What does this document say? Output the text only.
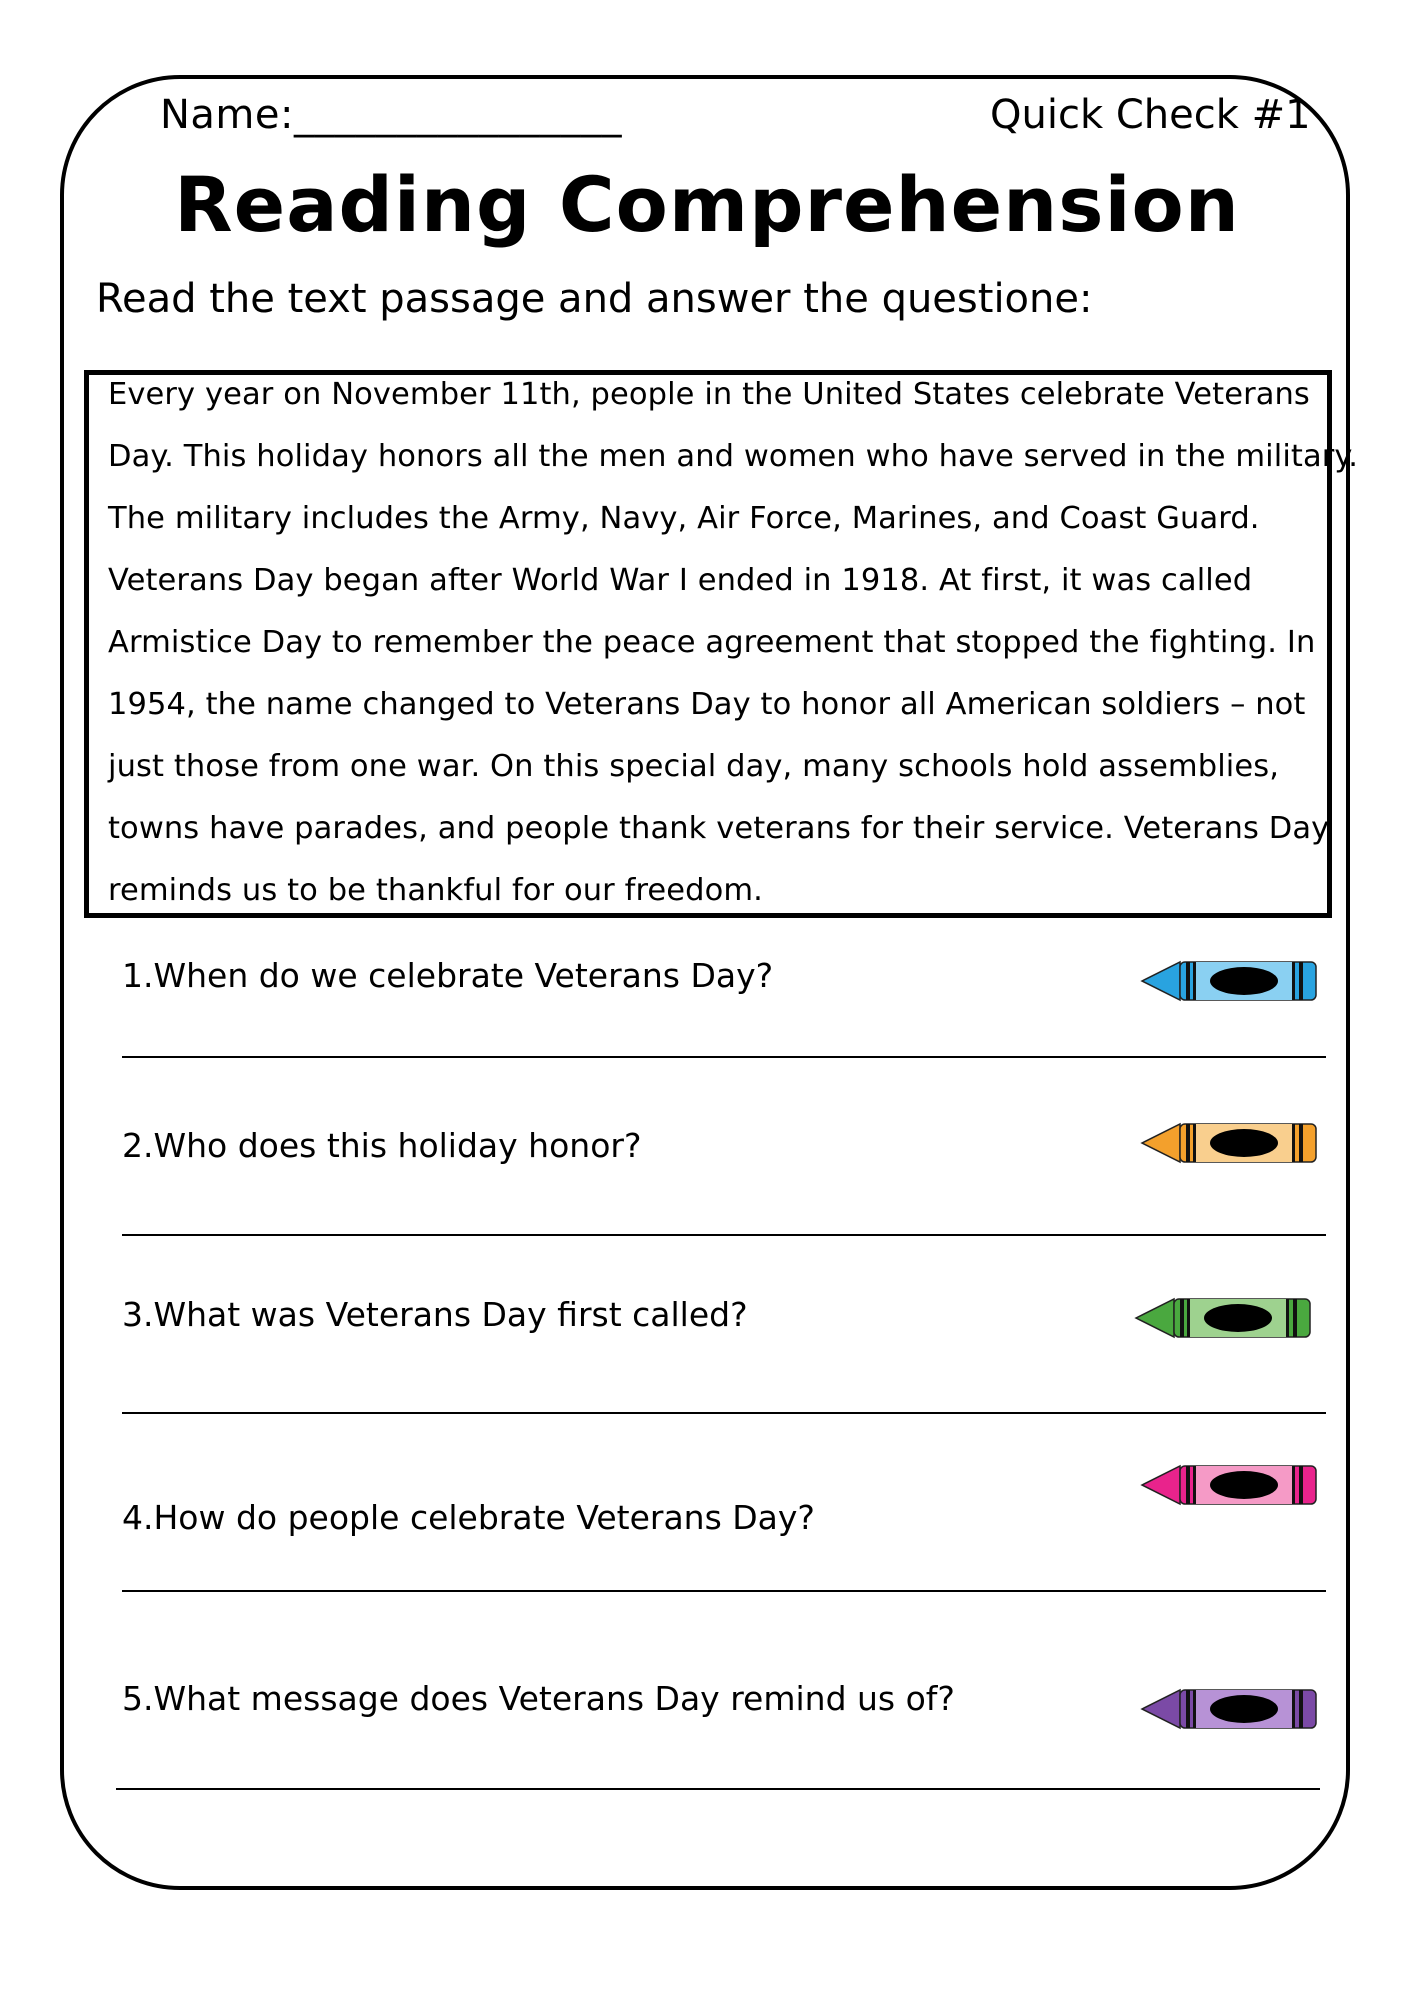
Name:________________	Quick Check #1
Reading Comprehension
Read the text passage and answer the questione:
Every year on November 11th, people in the United States celebrate Veterans
Day. This holiday honors all the men and women who have served in the military.
The military includes the Army, Navy, Air Force, Marines, and Coast Guard.
Veterans Day began after World War I ended in 1918. At first, it was called
Armistice Day to remember the peace agreement that stopped the fighting. In
1954, the name changed to Veterans Day to honor all American soldiers – not
just those from one war. On this special day, many schools hold assemblies,
towns have parades, and people thank veterans for their service. Veterans Day
reminds us to be thankful for our freedom.
1.When do we celebrate Veterans Day?
2.Who does this holiday honor?
3.What was Veterans Day first called?
4.How do people celebrate Veterans Day?
5.What message does Veterans Day remind us of?
